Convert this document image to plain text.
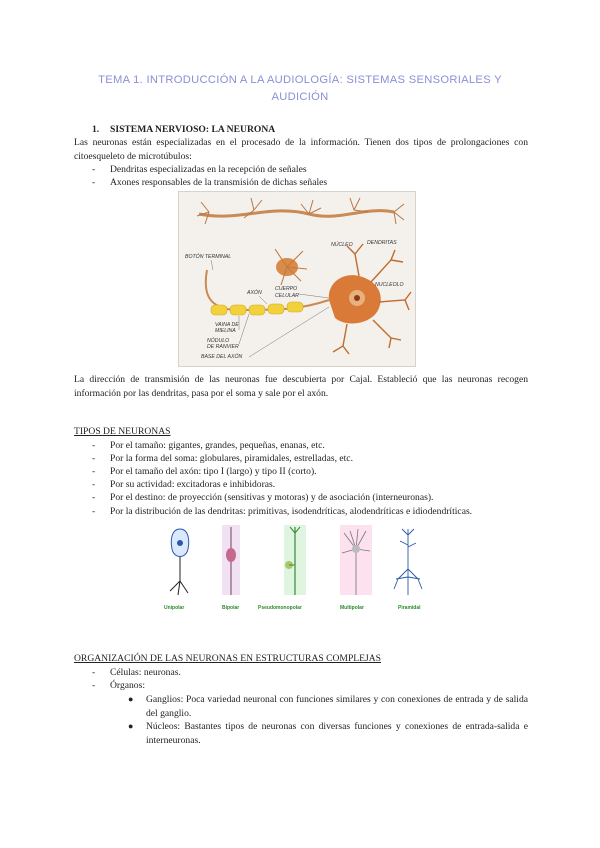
TEMA 1. INTRODUCCIÓN A LA AUDIOLOGÍA: SISTEMAS SENSORIALES Y
AUDICIÓN
1. SISTEMA NERVIOSO: LA NEURONA
Las neuronas están especializadas en el procesado de la información. Tienen dos tipos de prolongaciones con citoesqueleto de microtúbulos:
- Dendritas especializadas en la recepción de señales
- Axones responsables de la transmisión de dichas señales
BOTÓN TERMINAL
NÚCLEO	DENDRITAS
NUCLEOLO
AXÓN
CUERPO
CELULAR
VAINA DE
MIELINA
NÓDULO
DE RANVIER
BASE DEL AXÓN
La dirección de transmisión de las neuronas fue descubierta por Cajal. Estableció que las neuronas recogen información por las dendritas, pasa por el soma y sale por el axón.
TIPOS DE NEURONAS
- Por el tamaño: gigantes, grandes, pequeñas, enanas, etc.
- Por la forma del soma: globulares, piramidales, estrelladas, etc.
- Por el tamaño del axón: tipo I (largo) y tipo II (corto).
- Por su actividad: excitadoras e inhibidoras.
- Por el destino: de proyección (sensitivas y motoras) y de asociación (interneuronas).
- Por la distribución de las dendritas: primitivas, isodendríticas, alodendríticas e idiodendríticas.
Unipolar	Bipolar	Pseudomonopolar	Multipolar	Piramidal
ORGANIZACIÓN DE LAS NEURONAS EN ESTRUCTURAS COMPLEJAS
- Células: neuronas.
- Órganos:
● Ganglios: Poca variedad neuronal con funciones similares y con conexiones de entrada y de salida del ganglio.
● Núcleos: Bastantes tipos de neuronas con diversas funciones y conexiones de entrada-salida e interneuronas.
